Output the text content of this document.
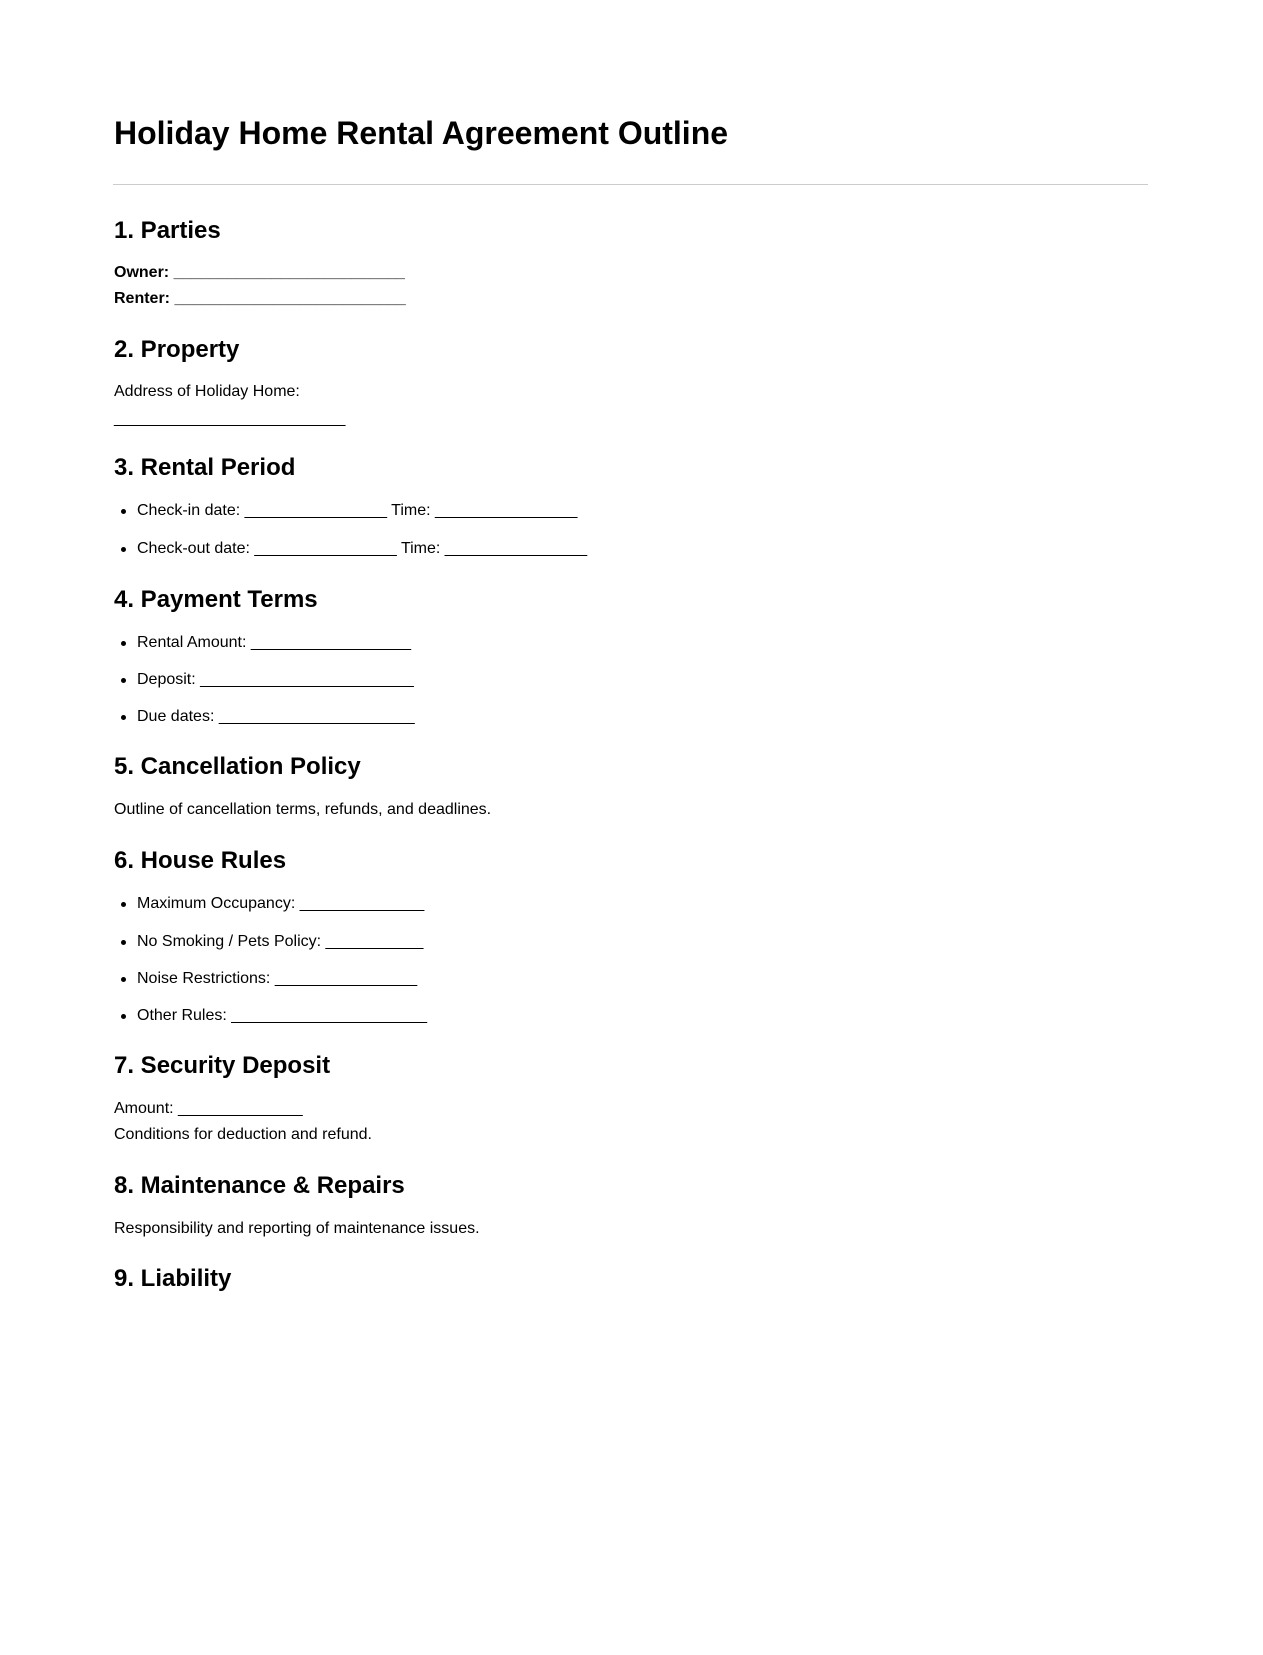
Holiday Home Rental Agreement Outline
1. Parties
Owner: __________________________
Renter: __________________________
2. Property
Address of Holiday Home:
__________________________
3. Rental Period
Check-in date: ________________ Time: ________________
Check-out date: ________________ Time: ________________
4. Payment Terms
Rental Amount: __________________
Deposit: ________________________
Due dates: ______________________
5. Cancellation Policy
Outline of cancellation terms, refunds, and deadlines.
6. House Rules
Maximum Occupancy: ______________
No Smoking / Pets Policy: ___________
Noise Restrictions: ________________
Other Rules: ______________________
7. Security Deposit
Amount: ______________
Conditions for deduction and refund.
8. Maintenance & Repairs
Responsibility and reporting of maintenance issues.
9. Liability
